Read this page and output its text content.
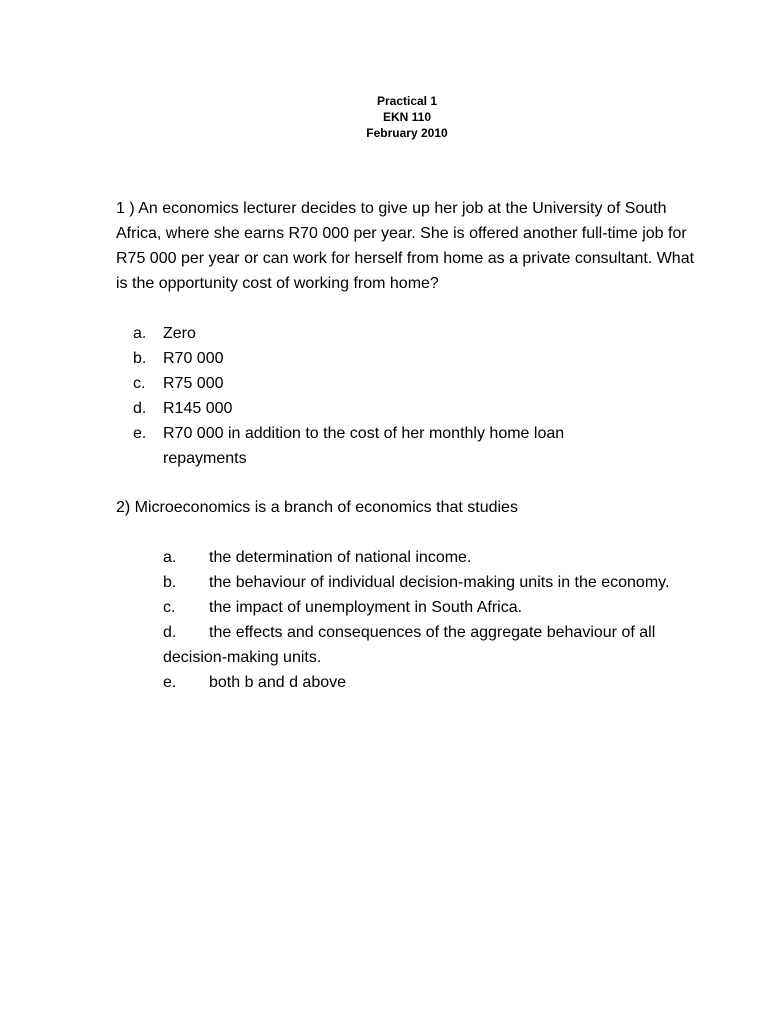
Practical 1
EKN 110
February 2010
1 ) An economics lecturer decides to give up her job at the University of South Africa, where she earns R70 000 per year. She is offered another full-time job for R75 000 per year or can work for herself from home as a private consultant. What is the opportunity cost of working from home?
a.	Zero
b.	R70 000
c.	R75 000
d.	R145 000
e.	R70 000 in addition to the cost of her monthly home loan repayments
2) Microeconomics is a branch of economics that studies
a. the determination of national income.
b. the behaviour of individual decision-making units in the economy.
c. the impact of unemployment in South Africa.
d. the effects and consequences of the aggregate behaviour of all decision-making units.
e. both b and d above
